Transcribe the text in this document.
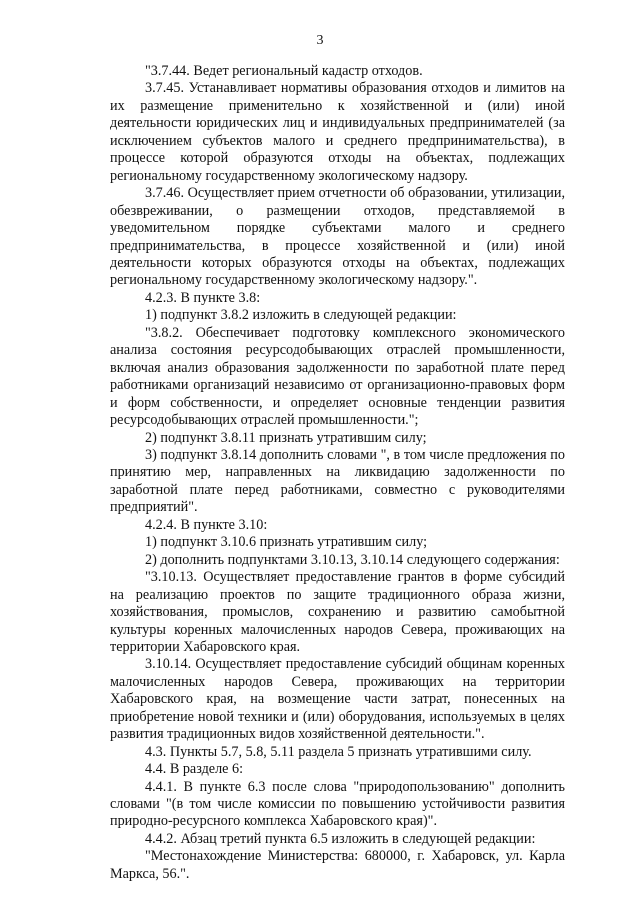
3

"3.7.44. Ведет региональный кадастр отходов.

3.7.45. Устанавливает нормативы образования отходов и лимитов на их размещение применительно к хозяйственной и (или) иной деятельности юридических лиц и индивидуальных предпринимателей (за исключением субъектов малого и среднего предпринимательства), в процессе которой образуются отходы на объектах, подлежащих региональному государственному экологическому надзору.

3.7.46. Осуществляет прием отчетности об образовании, утилизации, обезвреживании, о размещении отходов, представляемой в уведомительном порядке субъектами малого и среднего предпринимательства, в процессе хозяйственной и (или) иной деятельности которых образуются отходы на объектах, подлежащих региональному государственному экологическому надзору.".

4.2.3. В пункте 3.8:

1) подпункт 3.8.2 изложить в следующей редакции:

"3.8.2. Обеспечивает подготовку комплексного экономического анализа состояния ресурсодобывающих отраслей промышленности, включая анализ образования задолженности по заработной плате перед работниками организаций независимо от организационно-правовых форм и форм собственности, и определяет основные тенденции развития ресурсодобывающих отраслей промышленности.";

2) подпункт 3.8.11 признать утратившим силу;

3) подпункт 3.8.14 дополнить словами ", в том числе предложения по принятию мер, направленных на ликвидацию задолженности по заработной плате перед работниками, совместно с руководителями предприятий".

4.2.4. В пункте 3.10:

1) подпункт 3.10.6 признать утратившим силу;

2) дополнить подпунктами 3.10.13, 3.10.14 следующего содержания:

"3.10.13. Осуществляет предоставление грантов в форме субсидий на реализацию проектов по защите традиционного образа жизни, хозяйствования, промыслов, сохранению и развитию самобытной культуры коренных малочисленных народов Севера, проживающих на территории Хабаровского края.

3.10.14. Осуществляет предоставление субсидий общинам коренных малочисленных народов Севера, проживающих на территории Хабаровского края, на возмещение части затрат, понесенных на приобретение новой техники и (или) оборудования, используемых в целях развития традиционных видов хозяйственной деятельности.".

4.3. Пункты 5.7, 5.8, 5.11 раздела 5 признать утратившими силу.

4.4. В разделе 6:

4.4.1. В пункте 6.3 после слова "природопользованию" дополнить словами "(в том числе комиссии по повышению устойчивости развития природно-ресурсного комплекса Хабаровского края)".

4.4.2. Абзац третий пункта 6.5 изложить в следующей редакции:

"Местонахождение Министерства: 680000, г. Хабаровск, ул. Карла Маркса, 56.".
